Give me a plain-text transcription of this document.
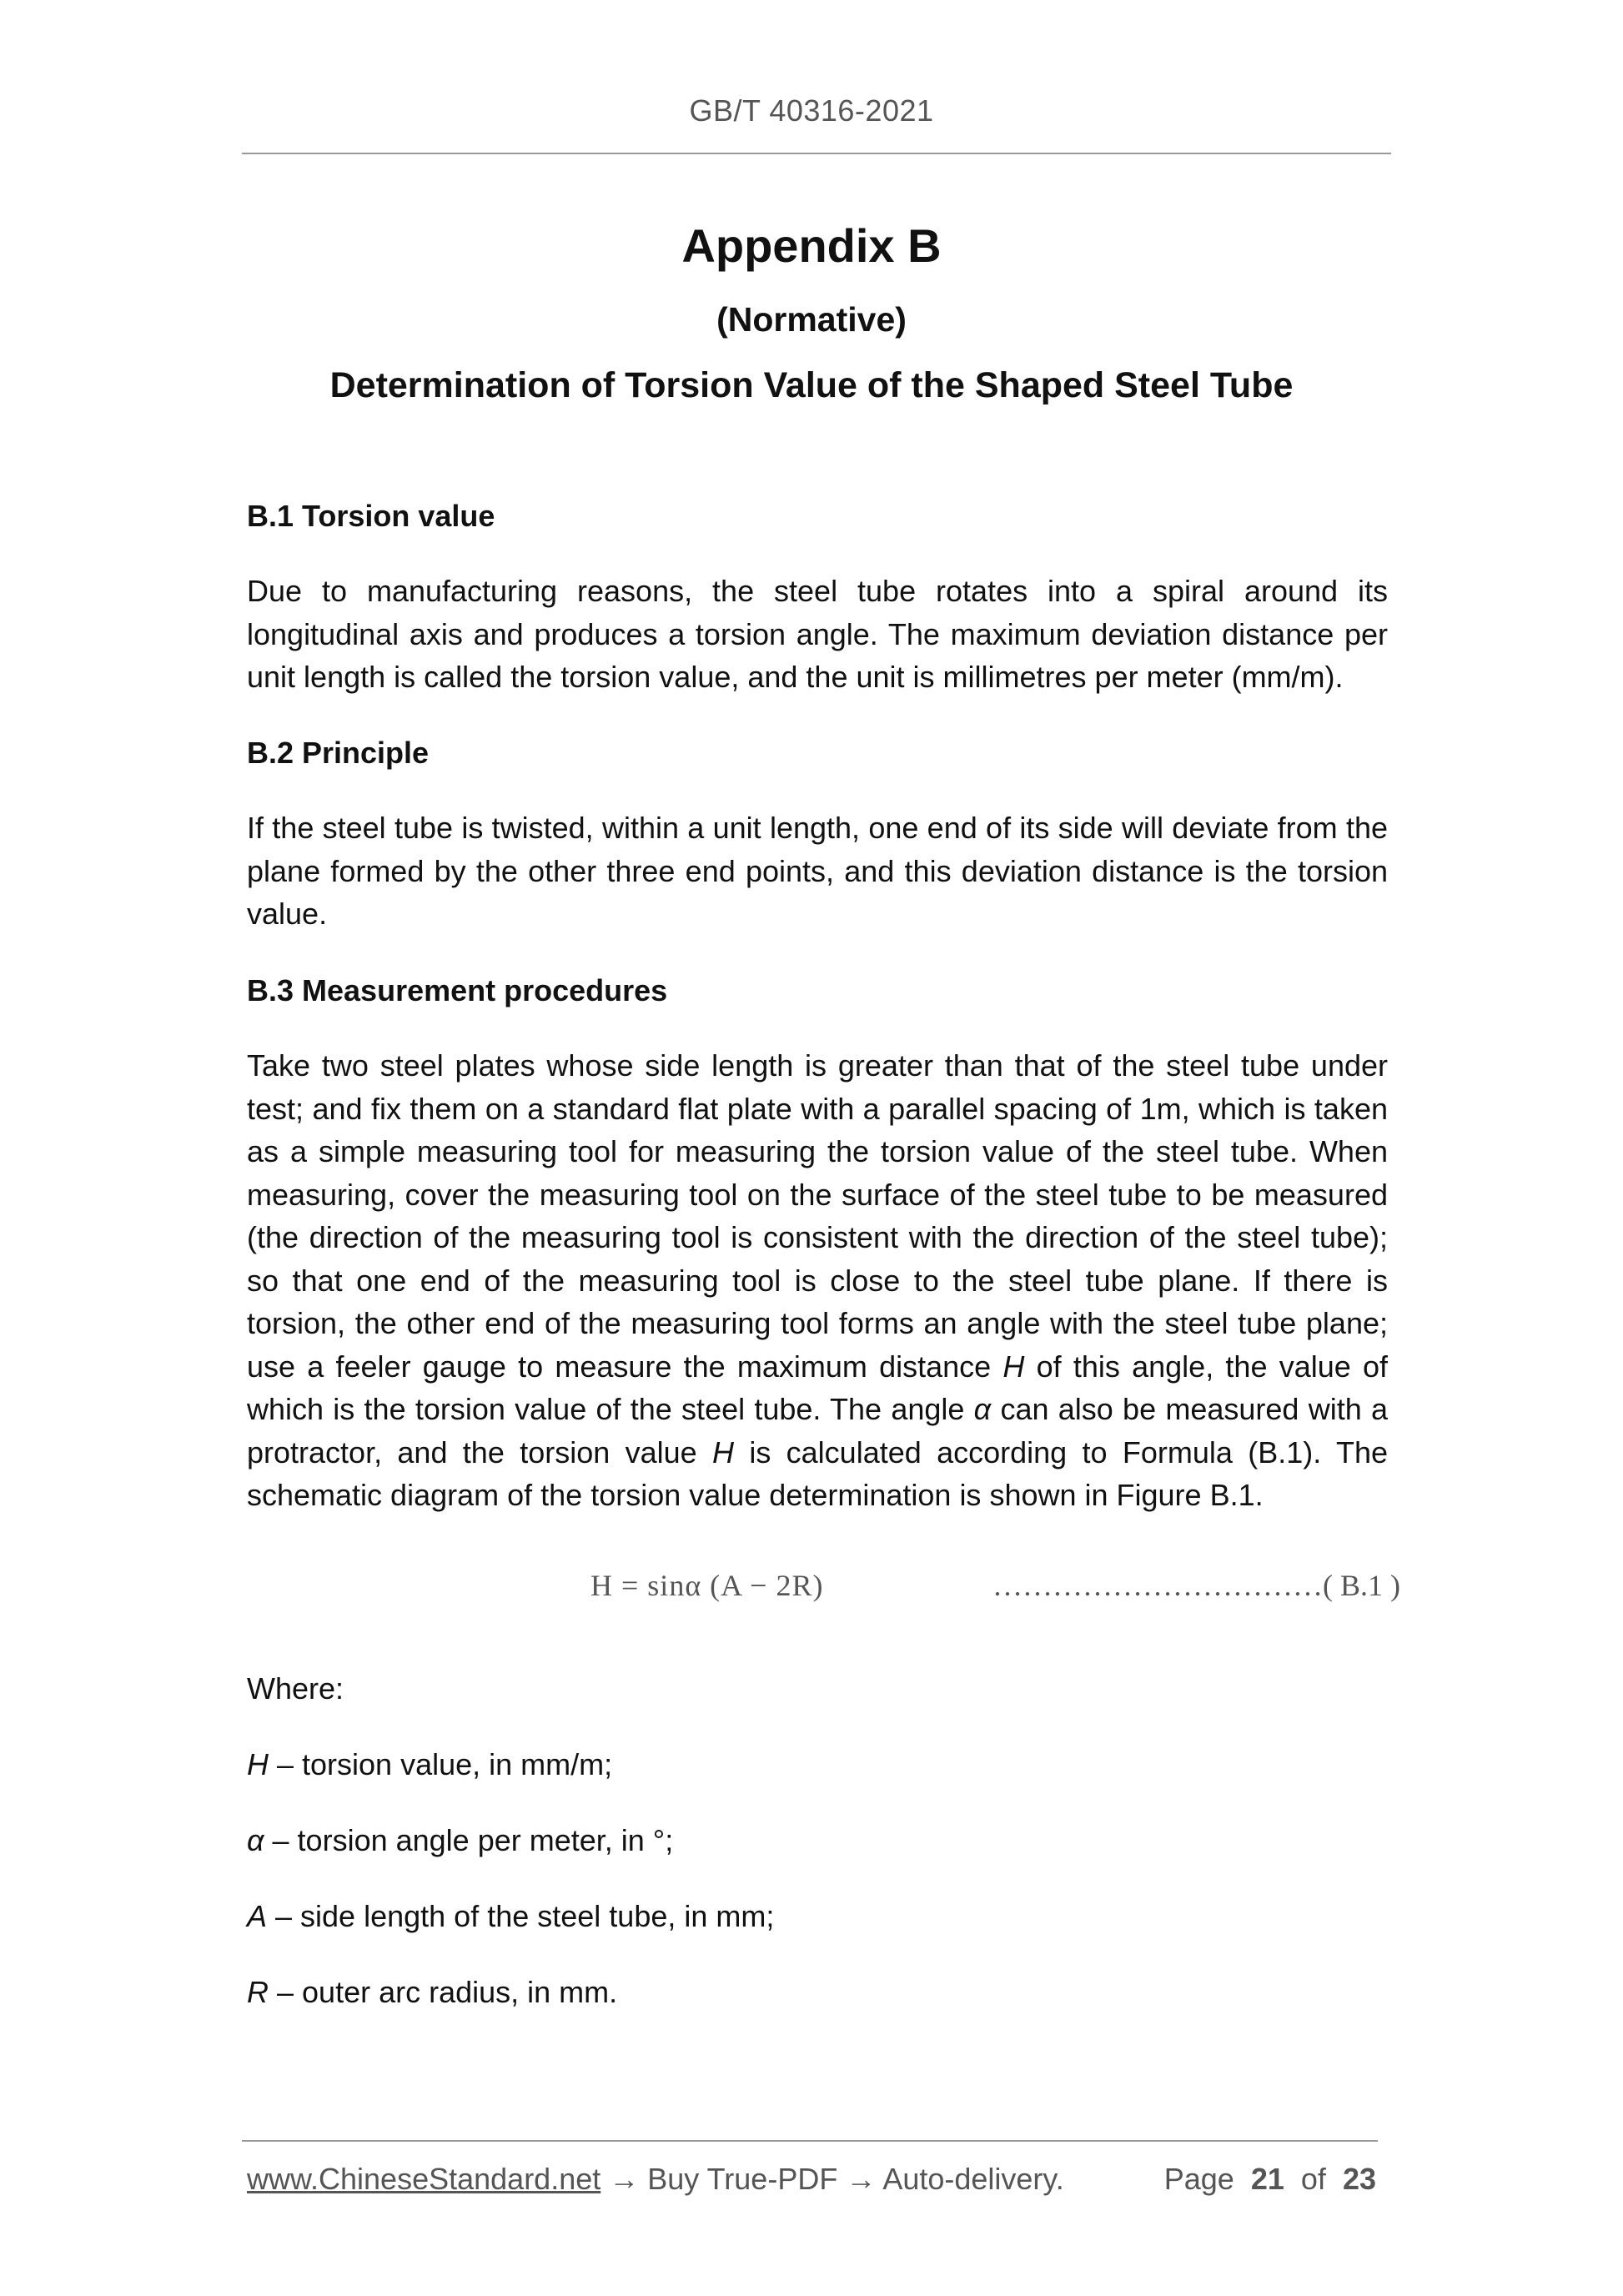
GB/T 40316-2021
Appendix B
(Normative)
Determination of Torsion Value of the Shaped Steel Tube
B.1 Torsion value
Due to manufacturing reasons, the steel tube rotates into a spiral around its longitudinal axis and produces a torsion angle. The maximum deviation distance per unit length is called the torsion value, and the unit is millimetres per meter (mm/m).
B.2 Principle
If the steel tube is twisted, within a unit length, one end of its side will deviate from the plane formed by the other three end points, and this deviation distance is the torsion value.
B.3 Measurement procedures
Take two steel plates whose side length is greater than that of the steel tube under test; and fix them on a standard flat plate with a parallel spacing of 1m, which is taken as a simple measuring tool for measuring the torsion value of the steel tube. When measuring, cover the measuring tool on the surface of the steel tube to be measured (the direction of the measuring tool is consistent with the direction of the steel tube); so that one end of the measuring tool is close to the steel tube plane. If there is torsion, the other end of the measuring tool forms an angle with the steel tube plane; use a feeler gauge to measure the maximum distance H of this angle, the value of which is the torsion value of the steel tube. The angle α can also be measured with a protractor, and the torsion value H is calculated according to Formula (B.1). The schematic diagram of the torsion value determination is shown in Figure B.1.
H = sinα (A − 2R)	……………………………( B.1 )
Where:
H – torsion value, in mm/m;
α – torsion angle per meter, in °;
A – side length of the steel tube, in mm;
R – outer arc radius, in mm.
www.ChineseStandard.net → Buy True-PDF → Auto-delivery.	Page 21 of 23
